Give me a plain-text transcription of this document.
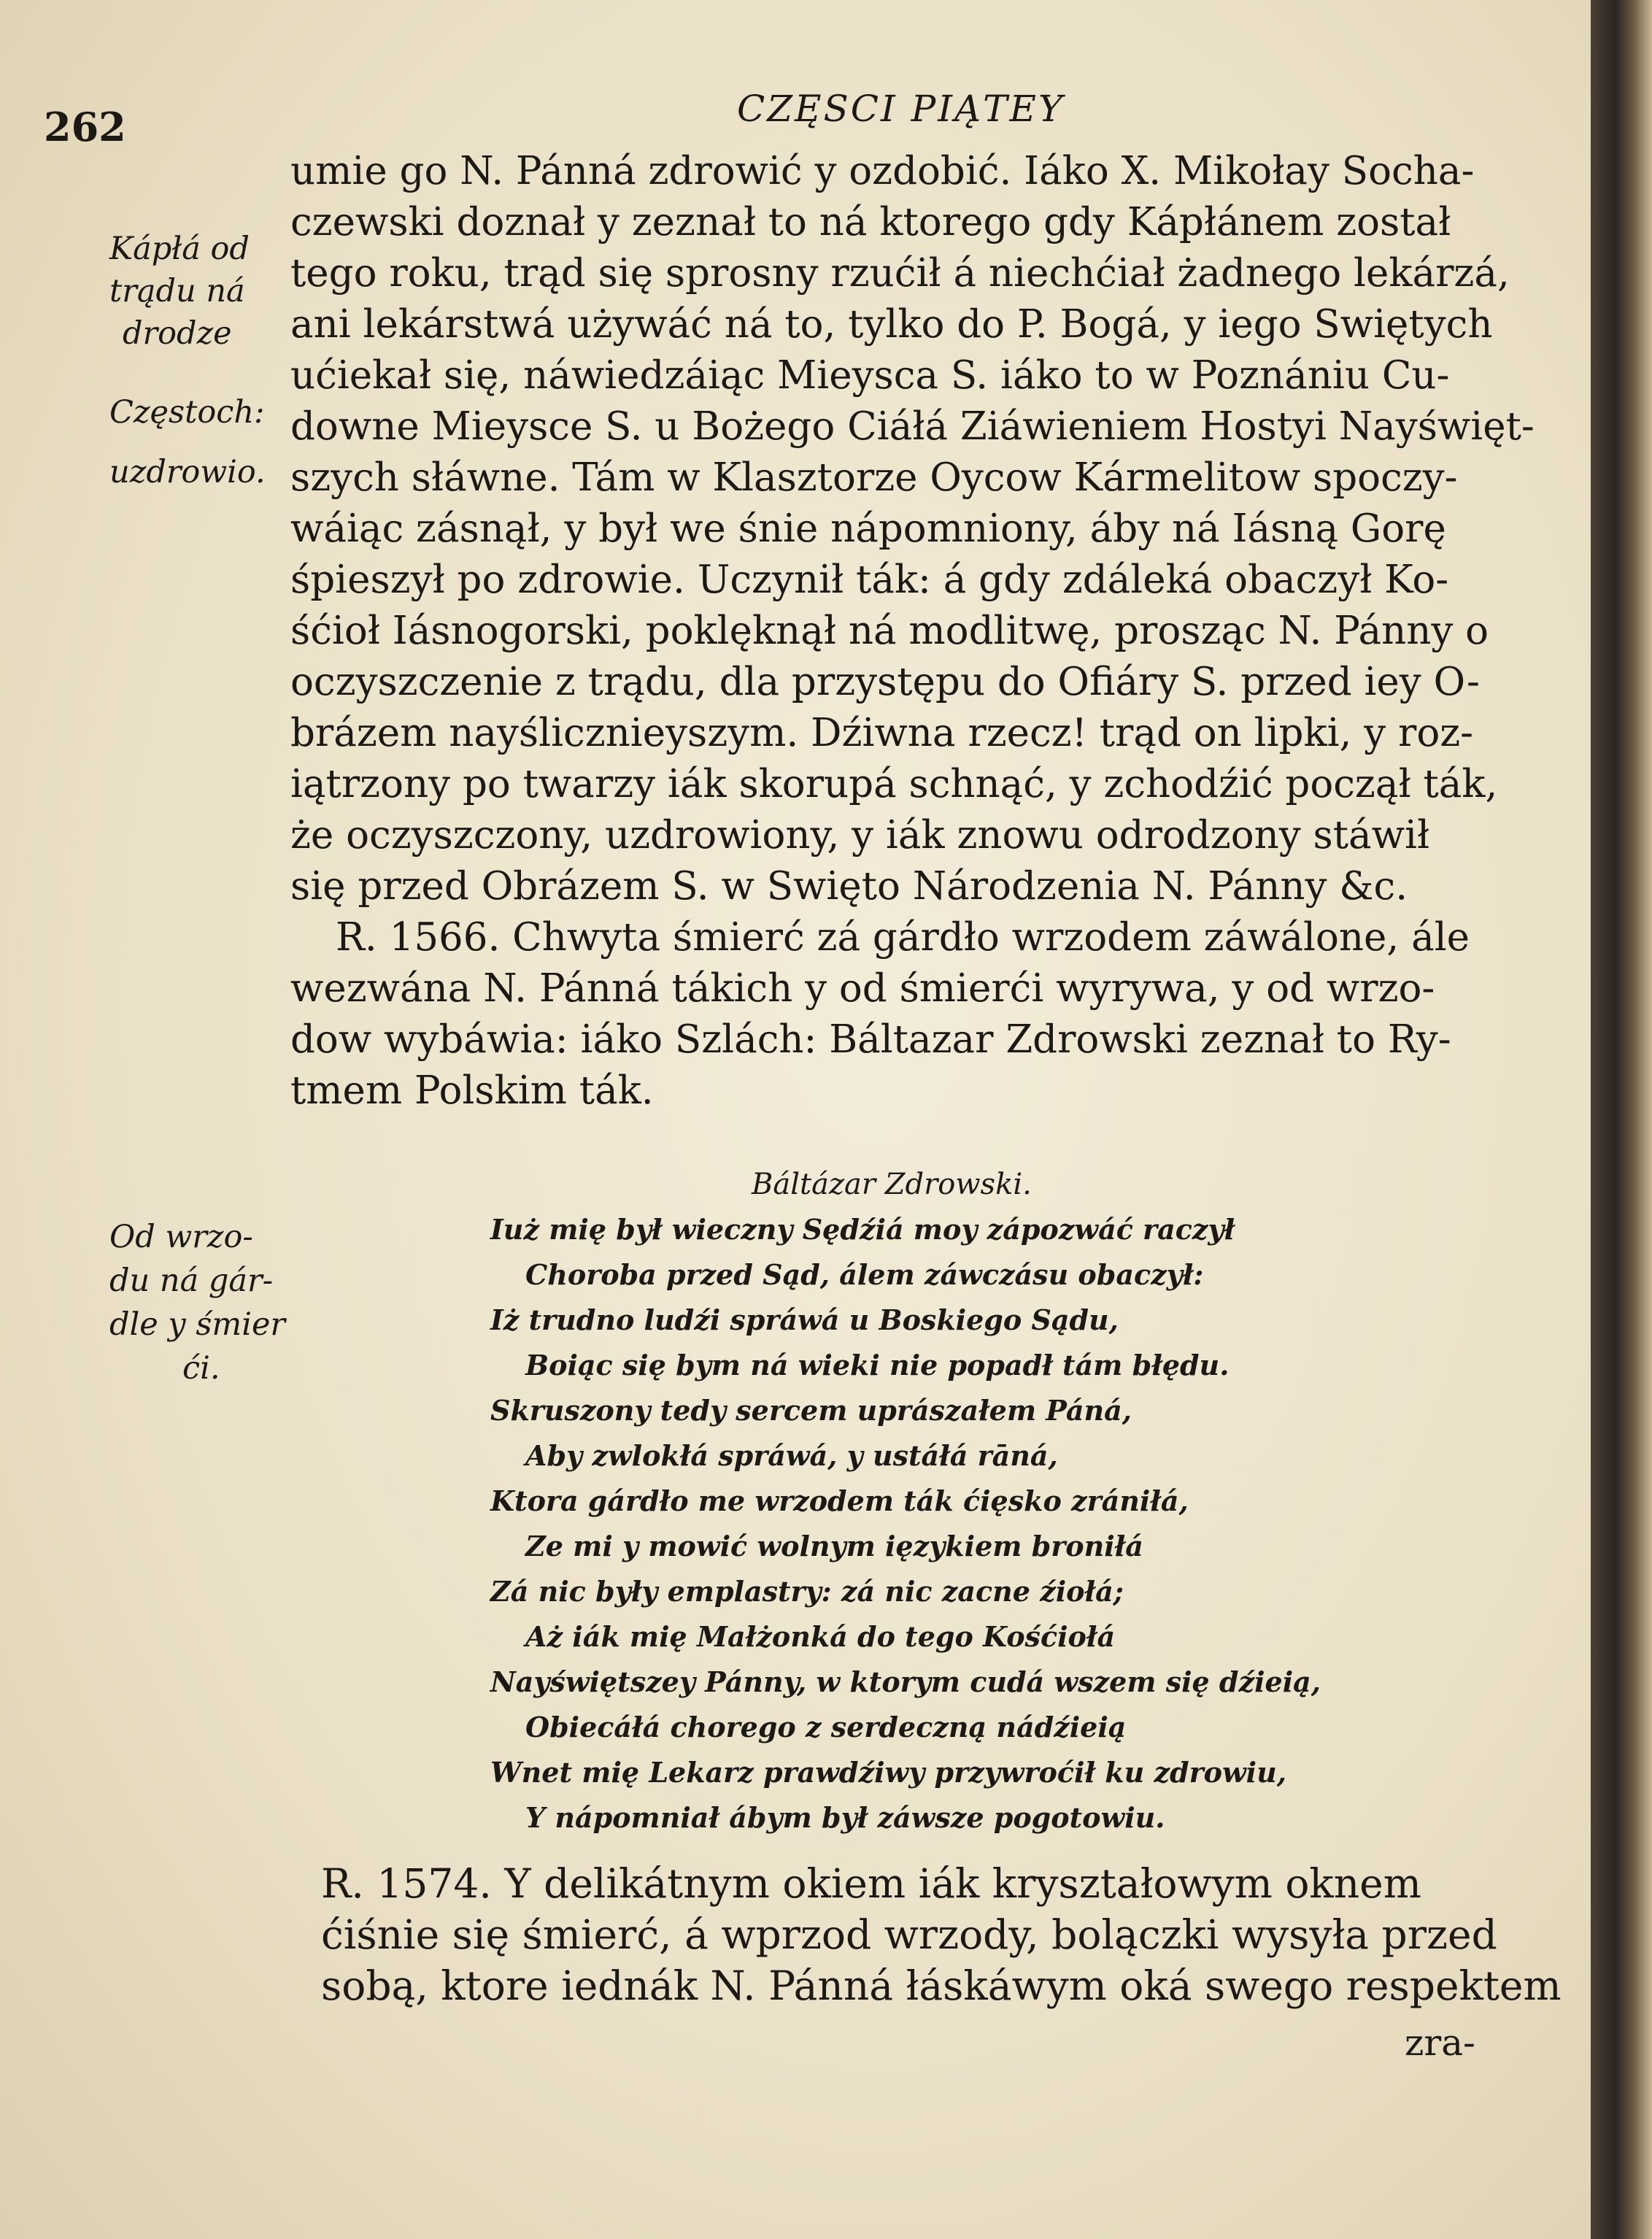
262	CZĘSCI PIĄTEY
Kápłá od
trądu ná
drodze
Częstoch:
uzdrowio.
umie go N. Pánná zdrowić y ozdobić. Iáko X. Mikołay Socha-
czewski doznał y zeznał to ná ktorego gdy Kápłánem został
tego roku, trąd się sprosny rzućił á niechćiał żadnego lekárzá,
ani lekárstwá używáć ná to, tylko do P. Bogá, y iego Swiętych
ućiekał się, náwiedzáiąc Mieysca S. iáko to w Poznániu Cu-
downe Mieysce S. u Bożego Ciáłá Ziáwieniem Hostyi Nayświęt-
szych słáwne. Tám w Klasztorze Oycow Kármelitow spoczy-
wáiąc zásnął, y był we śnie nápomniony, áby ná Iásną Gorę
śpieszył po zdrowie. Uczynił ták: á gdy zdáleká obaczył Ko-
śćioł Iásnogorski, poklęknął ná modlitwę, prosząc N. Pánny o
oczyszczenie z trądu, dla przystępu do Ofiáry S. przed iey O-
brázem nayślicznieyszym. Dźiwna rzecz! trąd on lipki, y roz-
iątrzony po twarzy iák skorupá schnąć, y zchodźić począł ták,
że oczyszczony, uzdrowiony, y iák znowu odrodzony stáwił
się przed Obrázem S. w Swięto Národzenia N. Pánny &c.
R. 1566. Chwyta śmierć zá gárdło wrzodem záwálone, ále
wezwána N. Pánná tákich y od śmierći wyrywa, y od wrzo-
dow wybáwia: iáko Szlách: Báltazar Zdrowski zeznał to Ry-
tmem Polskim ták.
Od wrzo-
du ná gár-
dle y śmier
ći.
Báltázar Zdrowski.
Iuż mię był wieczny Sędźiá moy zápozwáć raczył
Choroba przed Sąd, álem záwczásu obaczył:
Iż trudno ludźi spráwá u Boskiego Sądu,
Boiąc się bym ná wieki nie popadł tám błędu.
Skruszony tedy sercem uprászałem Páná,
Aby zwlokłá spráwá, y ustáłá rāná,
Ktora gárdło me wrzodem ták ćięsko zrániłá,
Ze mi y mowić wolnym ięzykiem broniłá
Zá nic były emplastry: zá nic zacne źiołá;
Aż iák mię Małżonká do tego Kośćiołá
Nayświętszey Pánny, w ktorym cudá wszem się dźieią,
Obiecáłá chorego z serdeczną nádźieią
Wnet mię Lekarz prawdźiwy przywroćił ku zdrowiu,
Y nápomniał ábym był záwsze pogotowiu.
R. 1574. Y delikátnym okiem iák kryształowym oknem
ćiśnie się śmierć, á wprzod wrzody, bolączki wysyła przed
sobą, ktore iednák N. Pánná łáskáwym oká swego respektem
zra-
